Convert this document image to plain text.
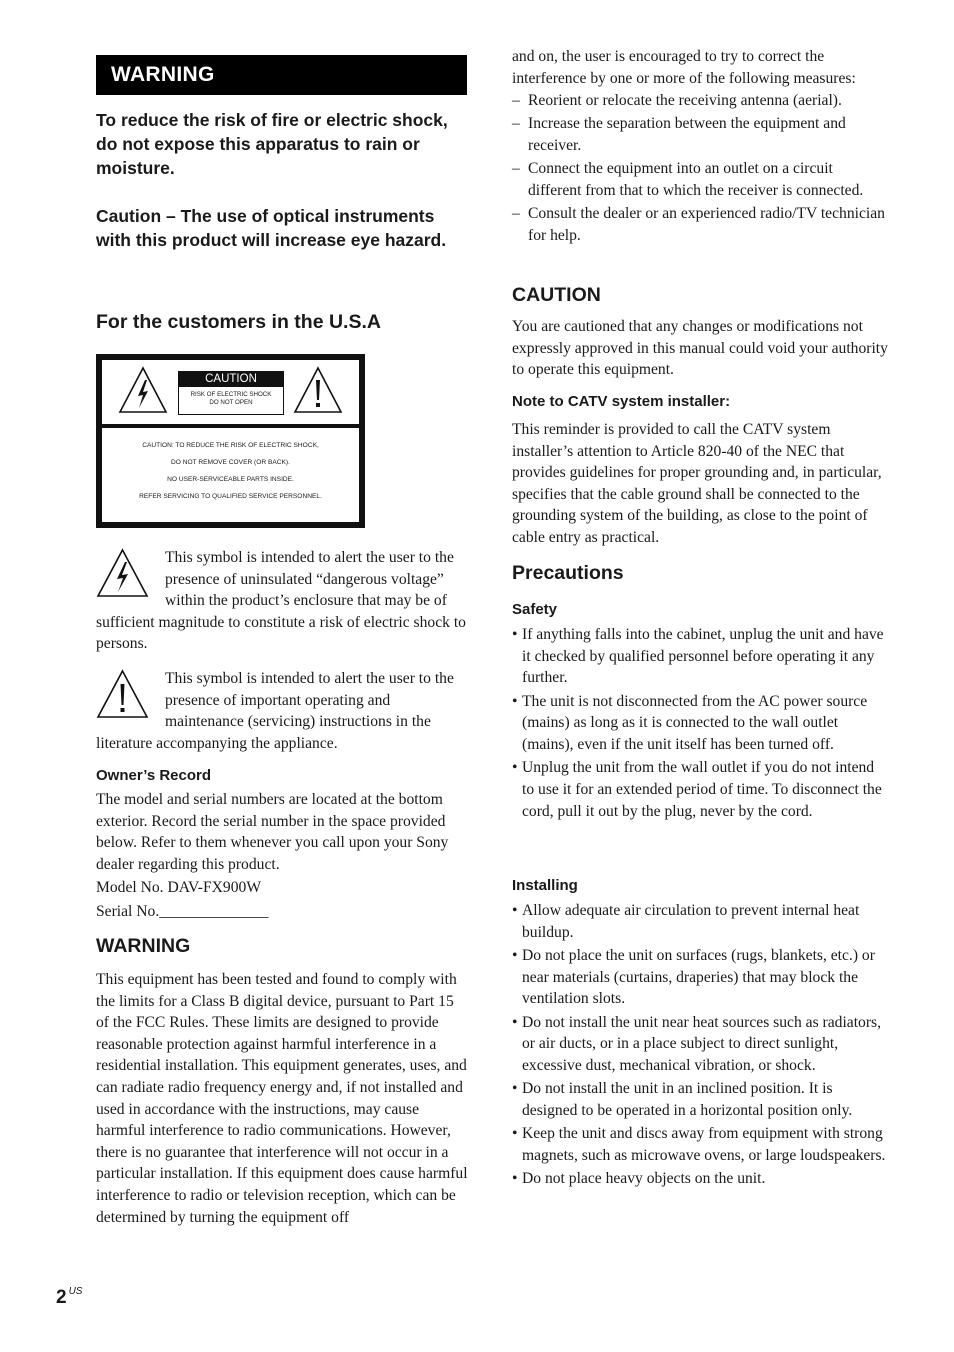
WARNING
To reduce the risk of fire or electric shock, do not expose this apparatus to rain or moisture.
Caution – The use of optical instruments with this product will increase eye hazard.
For the customers in the U.S.A
CAUTION
RISK OF ELECTRIC SHOCK
DO NOT OPEN
CAUTION: TO REDUCE THE RISK OF ELECTRIC SHOCK,
DO NOT REMOVE COVER (OR BACK).
NO USER-SERVICEABLE PARTS INSIDE.
REFER SERVICING TO QUALIFIED SERVICE PERSONNEL.

This symbol is intended to alert the user to the presence of uninsulated “dangerous voltage” within the product’s enclosure that may be of sufficient magnitude to constitute a risk of electric shock to persons.

This symbol is intended to alert the user to the presence of important operating and maintenance (servicing) instructions in the literature accompanying the appliance.

Owner’s Record

The model and serial numbers are located at the bottom exterior. Record the serial number in the space provided below. Refer to them whenever you call upon your Sony dealer regarding this product.

Model No. DAV-FX900W

Serial No.______________

WARNING

This equipment has been tested and found to comply with the limits for a Class B digital device, pursuant to Part 15 of the FCC Rules. These limits are designed to provide reasonable protection against harmful interference in a residential installation. This equipment generates, uses, and can radiate radio frequency energy and, if not installed and used in accordance with the instructions, may cause harmful interference to radio communications. However, there is no guarantee that interference will not occur in a particular installation. If this equipment does cause harmful interference to radio or television reception, which can be determined by turning the equipment off

and on, the user is encouraged to try to correct the interference by one or more of the following measures:

– Reorient or relocate the receiving antenna (aerial).
– Increase the separation between the equipment and receiver.
– Connect the equipment into an outlet on a circuit different from that to which the receiver is connected.
– Consult the dealer or an experienced radio/TV technician for help.
CAUTION

You are cautioned that any changes or modifications not expressly approved in this manual could void your authority to operate this equipment.

Note to CATV system installer:

This reminder is provided to call the CATV system installer’s attention to Article 820-40 of the NEC that provides guidelines for proper grounding and, in particular, specifies that the cable ground shall be connected to the grounding system of the building, as close to the point of cable entry as practical.

Precautions
Safety
• If anything falls into the cabinet, unplug the unit and have it checked by qualified personnel before operating it any further.
• The unit is not disconnected from the AC power source (mains) as long as it is connected to the wall outlet (mains), even if the unit itself has been turned off.
• Unplug the unit from the wall outlet if you do not intend to use it for an extended period of time. To disconnect the cord, pull it out by the plug, never by the cord.
Installing
• Allow adequate air circulation to prevent internal heat buildup.
• Do not place the unit on surfaces (rugs, blankets, etc.) or near materials (curtains, draperies) that may block the ventilation slots.
• Do not install the unit near heat sources such as radiators, or air ducts, or in a place subject to direct sunlight, excessive dust, mechanical vibration, or shock.
• Do not install the unit in an inclined position. It is designed to be operated in a horizontal position only.
• Keep the unit and discs away from equipment with strong magnets, such as microwave ovens, or large loudspeakers.
• Do not place heavy objects on the unit.
2 $^{US}$
